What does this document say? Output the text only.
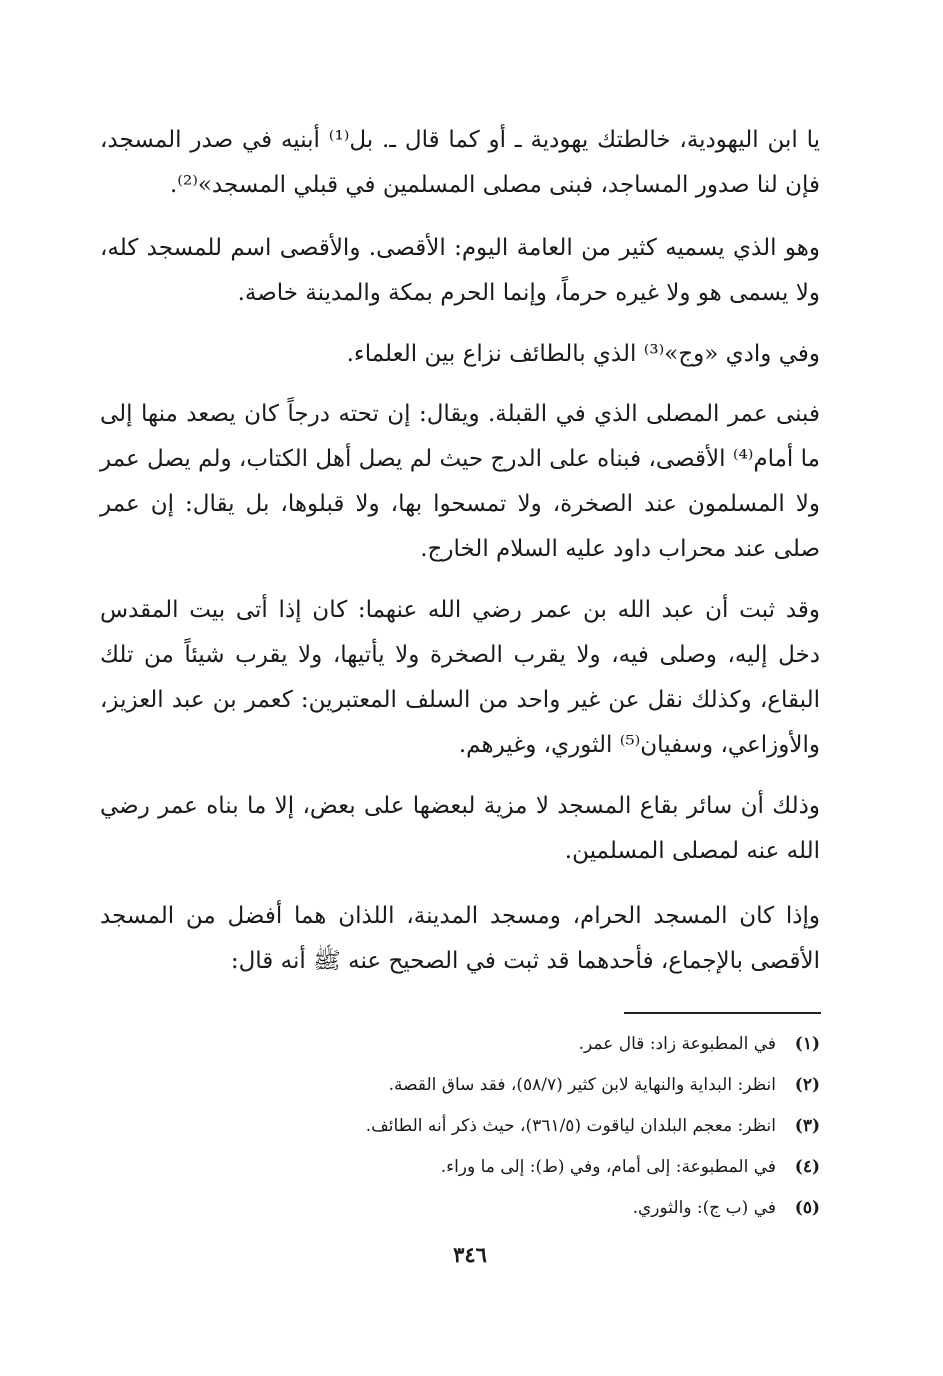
يا ابن اليهودية، خالطتك يهودية ـ أو كما قال ـ. بل⁽¹⁾ أبنيه في صدر المسجد، فإن لنا صدور المساجد، فبنى مصلى المسلمين في قبلي المسجد»⁽²⁾.

وهو الذي يسميه كثير من العامة اليوم: الأقصى. والأقصى اسم للمسجد كله، ولا يسمى هو ولا غيره حرماً، وإنما الحرم بمكة والمدينة خاصة.

وفي وادي «وج»⁽³⁾ الذي بالطائف نزاع بين العلماء.

فبنى عمر المصلى الذي في القبلة. ويقال: إن تحته درجاً كان يصعد منها إلى ما أمام⁽⁴⁾ الأقصى، فبناه على الدرج حيث لم يصل أهل الكتاب، ولم يصل عمر ولا المسلمون عند الصخرة، ولا تمسحوا بها، ولا قبلوها، بل يقال: إن عمر صلى عند محراب داود عليه السلام الخارج.

وقد ثبت أن عبد الله بن عمر رضي الله عنهما: كان إذا أتى بيت المقدس دخل إليه، وصلى فيه، ولا يقرب الصخرة ولا يأتيها، ولا يقرب شيئاً من تلك البقاع، وكذلك نقل عن غير واحد من السلف المعتبرين: كعمر بن عبد العزيز، والأوزاعي، وسفيان⁽⁵⁾ الثوري، وغيرهم.

وذلك أن سائر بقاع المسجد لا مزية لبعضها على بعض، إلا ما بناه عمر رضي الله عنه لمصلى المسلمين.

وإذا كان المسجد الحرام، ومسجد المدينة، اللذان هما أفضل من المسجد الأقصى بالإجماع، فأحدهما قد ثبت في الصحيح عنه ﷺ أنه قال:

(١)
في المطبوعة زاد: قال عمر.
(٢)
انظر: البداية والنهاية لابن كثير (٥٨/٧)، فقد ساق القصة.
(٣)
انظر: معجم البلدان لياقوت (٣٦١/٥)، حيث ذكر أنه الطائف.
(٤)
في المطبوعة: إلى أمام، وفي (ط): إلى ما وراء.
(٥)
في (ب ج): والثوري.
٣٤٦
